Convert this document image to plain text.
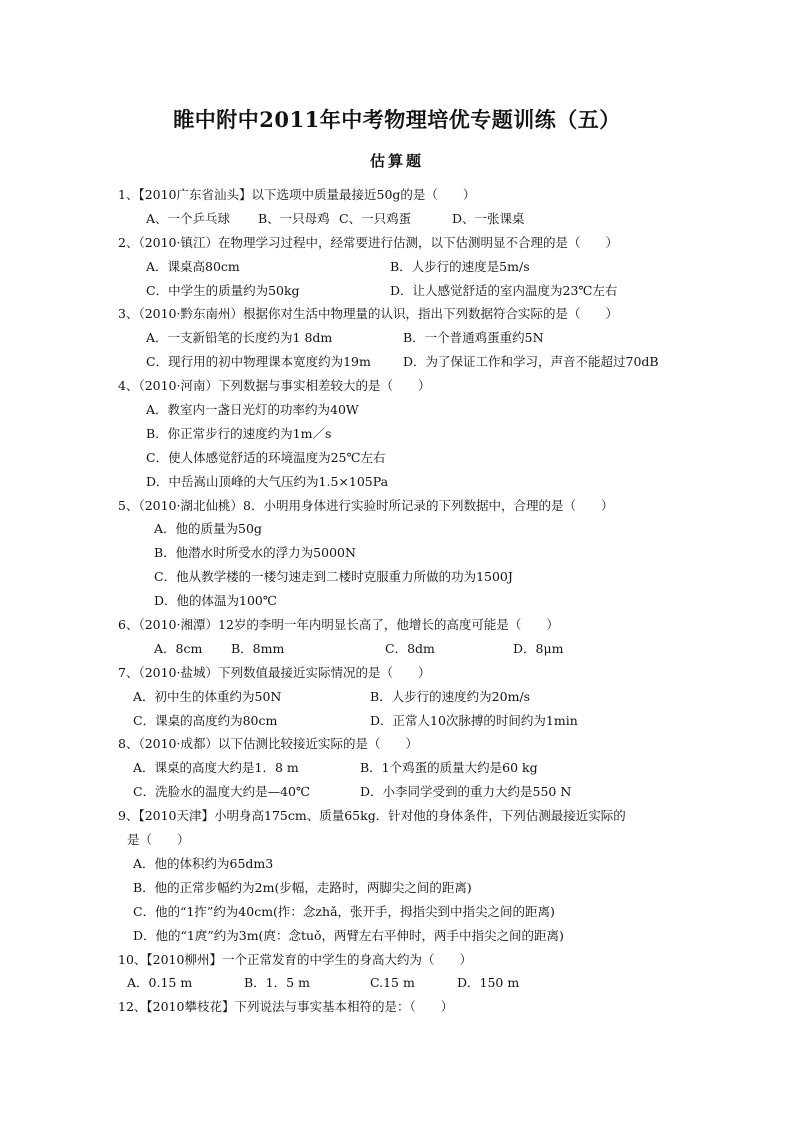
睢中附中2011年中考物理培优专题训练（五）
估算题
1、【2010广东省汕头】以下选项中质量最接近50g的是（　　）
A、一个乒乓球 B、一只母鸡 C、一只鸡蛋	D、一张课桌
2、（2010·镇江）在物理学习过程中，经常要进行估测，以下估测明显不合理的是（　　）
A．课桌高80cm	B．人步行的速度是5m/s
C．中学生的质量约为50kg	D．让人感觉舒适的室内温度为23℃左右
3、（2010·黔东南州）根据你对生活中物理量的认识，指出下列数据符合实际的是（　　）
A．一支新铅笔的长度约为1 8dm	B．一个普通鸡蛋重约5N
C．现行用的初中物理课本宽度约为19m	D．为了保证工作和学习，声音不能超过70dB
4、（2010·河南）下列数据与事实相差较大的是（　　）
A．教室内一盏日光灯的功率约为40W
B．你正常步行的速度约为1m／s
C．使人体感觉舒适的环境温度为25℃左右
D．中岳嵩山顶峰的大气压约为1.5×105Pa
5、（2010·湖北仙桃）8．小明用身体进行实验时所记录的下列数据中，合理的是（　　）
A．他的质量为50g
B．他潜水时所受水的浮力为5000N
C．他从教学楼的一楼匀速走到二楼时克服重力所做的功为1500J
D．他的体温为100℃
6、（2010·湘潭）12岁的李明一年内明显长高了，他增长的高度可能是（　　）
A．8cm B．8mm	C．8dm	D．8μm
7、（2010·盐城）下列数值最接近实际情况的是（　　）
A．初中生的体重约为50N	B．人步行的速度约为20m/s
C．课桌的高度约为80cm	D．正常人10次脉搏的时间约为1min
8、（2010·成都）以下估测比较接近实际的是（　　）
A．课桌的高度大约是1．8 m	B．1个鸡蛋的质量大约是60 kg
C．洗脸水的温度大约是—40℃	D．小李同学受到的重力大约是550 N
9、【2010天津】小明身高175cm、质量65kg．针对他的身体条件，下列估测最接近实际的
是（　　）
A．他的体积约为65dm3
B．他的正常步幅约为2m(步幅，走路时，两脚尖之间的距离)
C．他的“1拃”约为40cm(拃：念zhǎ，张开手，拇指尖到中指尖之间的距离)
D．他的“1庹”约为3m(庹：念tuǒ，两臂左右平伸时，两手中指尖之间的距离)
10、【2010柳州】一个正常发育的中学生的身高大约为（　　）
A．0.15 m	B．1．5 m	C.15 m	D．150 m
12、【2010攀枝花】下列说法与事实基本相符的是：（　　）
